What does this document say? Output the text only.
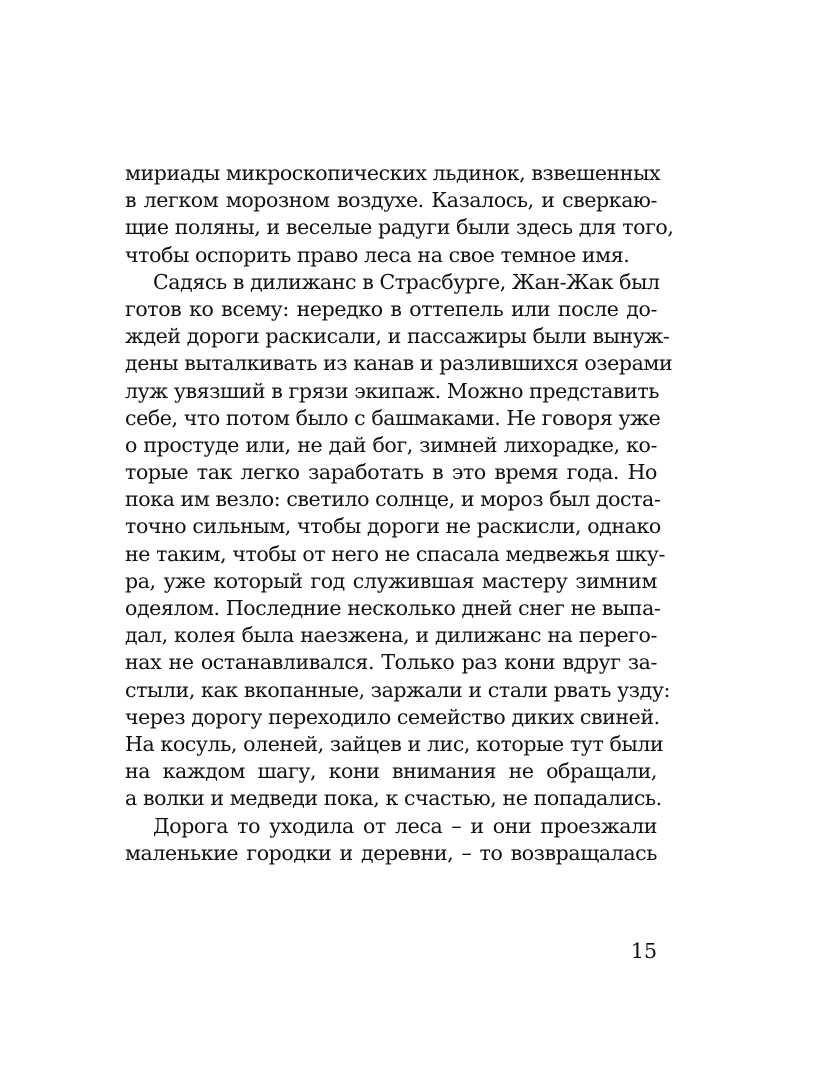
мириады микроскопических льдинок, взвешенных
в легком морозном воздухе. Казалось, и сверкаю-
щие поляны, и веселые радуги были здесь для того,
чтобы оспорить право леса на свое темное имя.
Садясь в дилижанс в Страсбурге, Жан-Жак был
готов ко всему: нередко в оттепель или после до-
ждей дороги раскисали, и пассажиры были вынуж-
дены выталкивать из канав и разлившихся озерами
луж увязший в грязи экипаж. Можно представить
себе, что потом было с башмаками. Не говоря уже
о простуде или, не дай бог, зимней лихорадке, ко-
торые так легко заработать в это время года. Но
пока им везло: светило солнце, и мороз был доста-
точно сильным, чтобы дороги не раскисли, однако
не таким, чтобы от него не спасала медвежья шку-
ра, уже который год служившая мастеру зимним
одеялом. Последние несколько дней снег не выпа-
дал, колея была наезжена, и дилижанс на перего-
нах не останавливался. Только раз кони вдруг за-
стыли, как вкопанные, заржали и стали рвать узду:
через дорогу переходило семейство диких свиней.
На косуль, оленей, зайцев и лис, которые тут были
на каждом шагу, кони внимания не обращали,
а волки и медведи пока, к счастью, не попадались.
Дорога то уходила от леса – и они проезжали
маленькие городки и деревни, – то возвращалась
15
